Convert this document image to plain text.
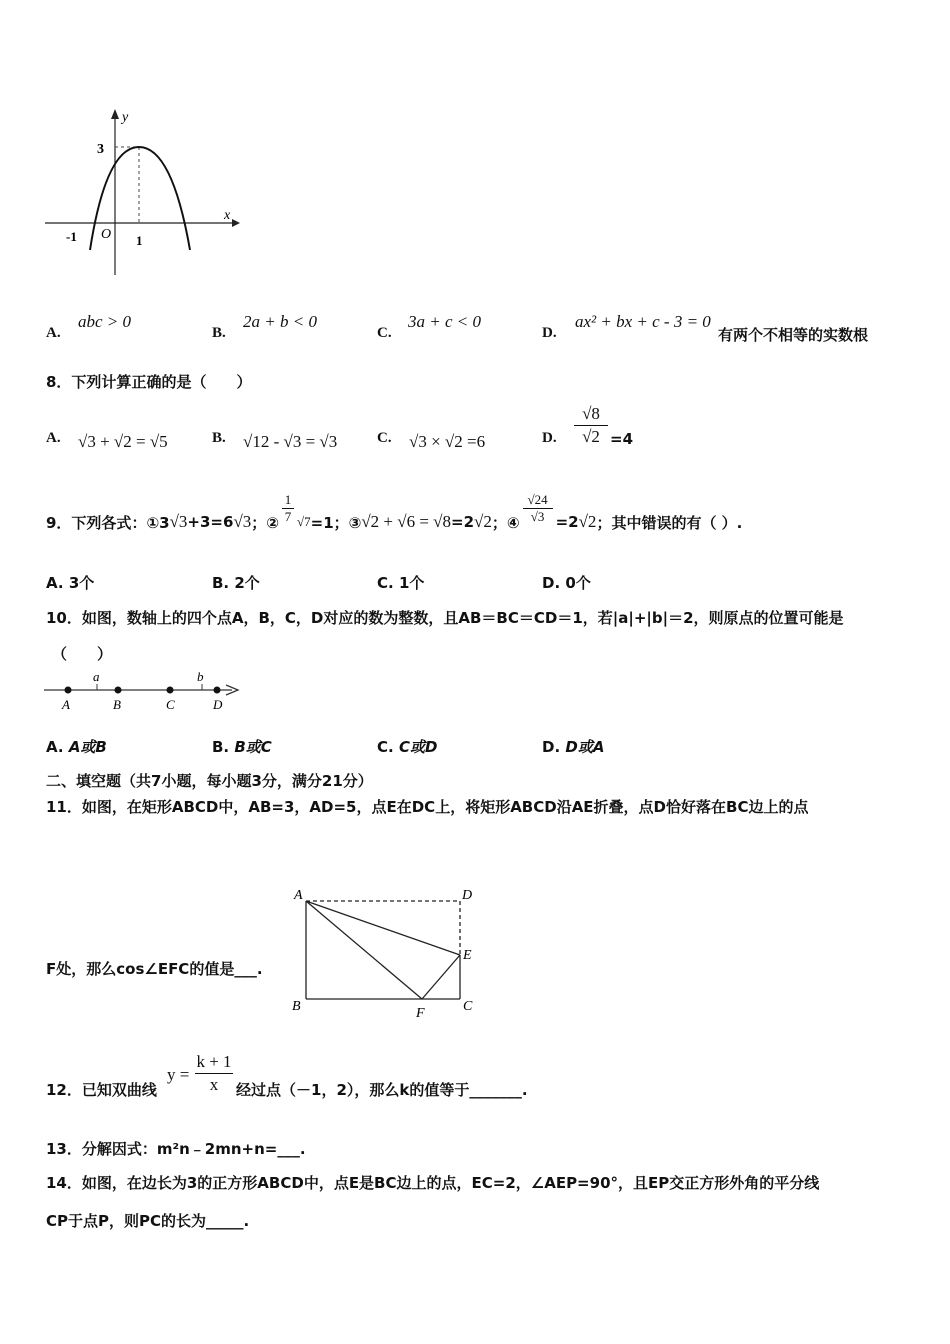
y
x
3
O
-1	1
A.
abc > 0
B.
2a + b < 0
C.
3a + c < 0
D.
ax² + bx + c - 3 = 0
有两个不相等的实数根
8．下列计算正确的是（　　）
A. √3 + √2 = √5	B. √12 - √3 = √3	C. √3 × √2 =6	D.
√8
√2 =4
9．下列各式：①3 √3 +3=6 √3 ；②
1
7 √7 =1；③ √2 + √6 = √8 =2 √2 ；④
√24
√3 =2 √2 ；其中错误的有（ ）.
A. 3个	B. 2个	C. 1个	D. 0个
10．如图，数轴上的四个点A，B，C，D对应的数为整数，且AB＝BC＝CD＝1，若|a|+|b|＝2，则原点的位置可能是
（　　）
a	b
A	B	C	D
A. A或B	B. B或C	C. C或D	D. D或A
二、填空题（共7小题，每小题3分，满分21分）
11．如图，在矩形ABCD中，AB=3，AD=5，点E在DC上，将矩形ABCD沿AE折叠，点D恰好落在BC边上的点
A	D
E
B	C
F
F处，那么cos∠EFC的值是___.
12．已知双曲线
y =
k + 1
x	经过点（－1，2），那么k的值等于_______.
13．分解因式：m²n﹣2mn+n=___.
14．如图，在边长为3的正方形ABCD中，点E是BC边上的点，EC=2，∠AEP=90°，且EP交正方形外角的平分线
CP于点P，则PC的长为_____.
